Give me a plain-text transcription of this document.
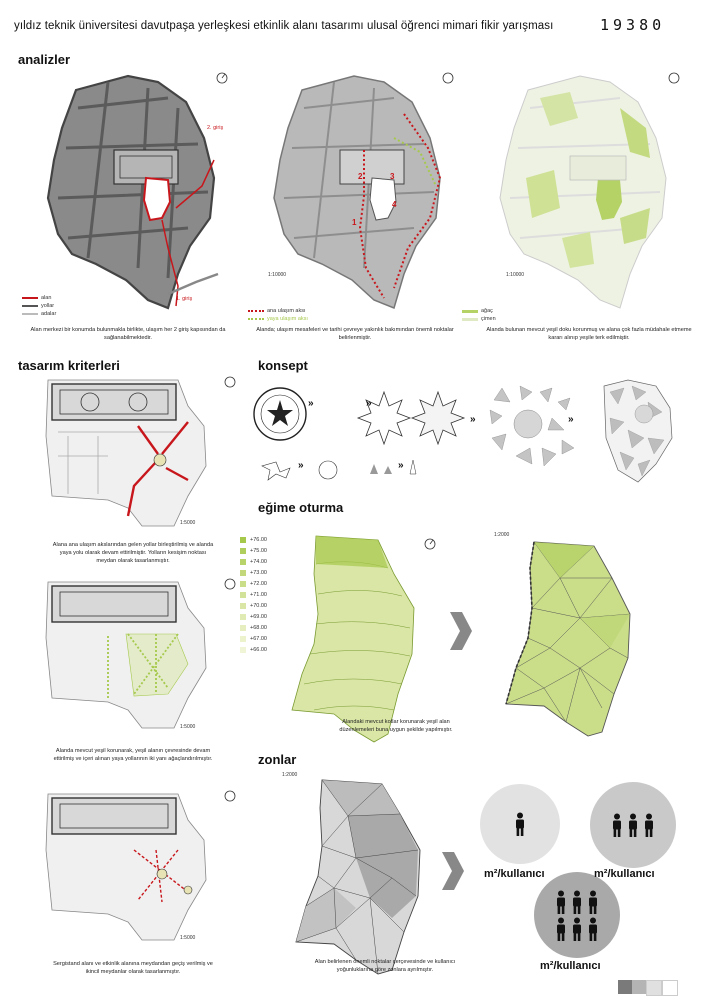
yıldız teknik üniversitesi davutpaşa yerleşkesi etkinlik alanı tasarımı ulusal öğrenci mimari fikir yarışması	19380
analizler
2. giriş
1. giriş
alan
yollar
adalar
Alan merkezi bir konumda bulunmakla birlikte, ulaşım her 2 giriş kapısından da sağlanabilmektedir.
1
2	3
4
1:10000
ana ulaşım aksı
yaya ulaşım aksı
Alanda; ulaşım mesafeleri ve tarihi çevreye yakınlık bakımından önemli noktalar belirlenmiştir.
1:10000
ağaç
çimen
Alanda bulunan mevcut yeşil doku korunmuş ve alana çok fazla müdahale etmeme kararı alınıp yeşile terk edilmiştir.
tasarım kriterleri
1:5000
Alana ana ulaşım akslarından gelen yollar birleştirilmiş ve alanda yaya yolu olarak devam ettirilmiştir. Yolların kesişim noktası meydan olarak tasarlanmıştır.
1:5000
Alanda mevcut yeşil korunarak, yeşil alanın çevresinde devam ettirilmiş ve içeri alınan yaya yollarının iki yanı ağaçlandırılmıştır.
1:5000
Sergistand alanı ve etkinlik alanına meydandan geçiş verilmiş ve ikincil meydanlar olarak tasarlanmıştır.
konsept
»	»
»	»
»	»
eğime oturma
+76.00
+75.00
+74.00
+73.00
+72.00
+71.00
+70.00
+69.00
+68.00
+67.00
+66.00
1:2000
Alandaki mevcut kotlar korunarak yeşil alan düzenlemeleri buna uygun şekilde yapılmıştır.
zonlar
1:2000
Alan belirlenen önemli noktalar çerçevesinde ve kullanıcı yoğunluklarına göre zonlara ayrılmıştır.
m²/kullanıcı	m²/kullanıcı
m²/kullanıcı
